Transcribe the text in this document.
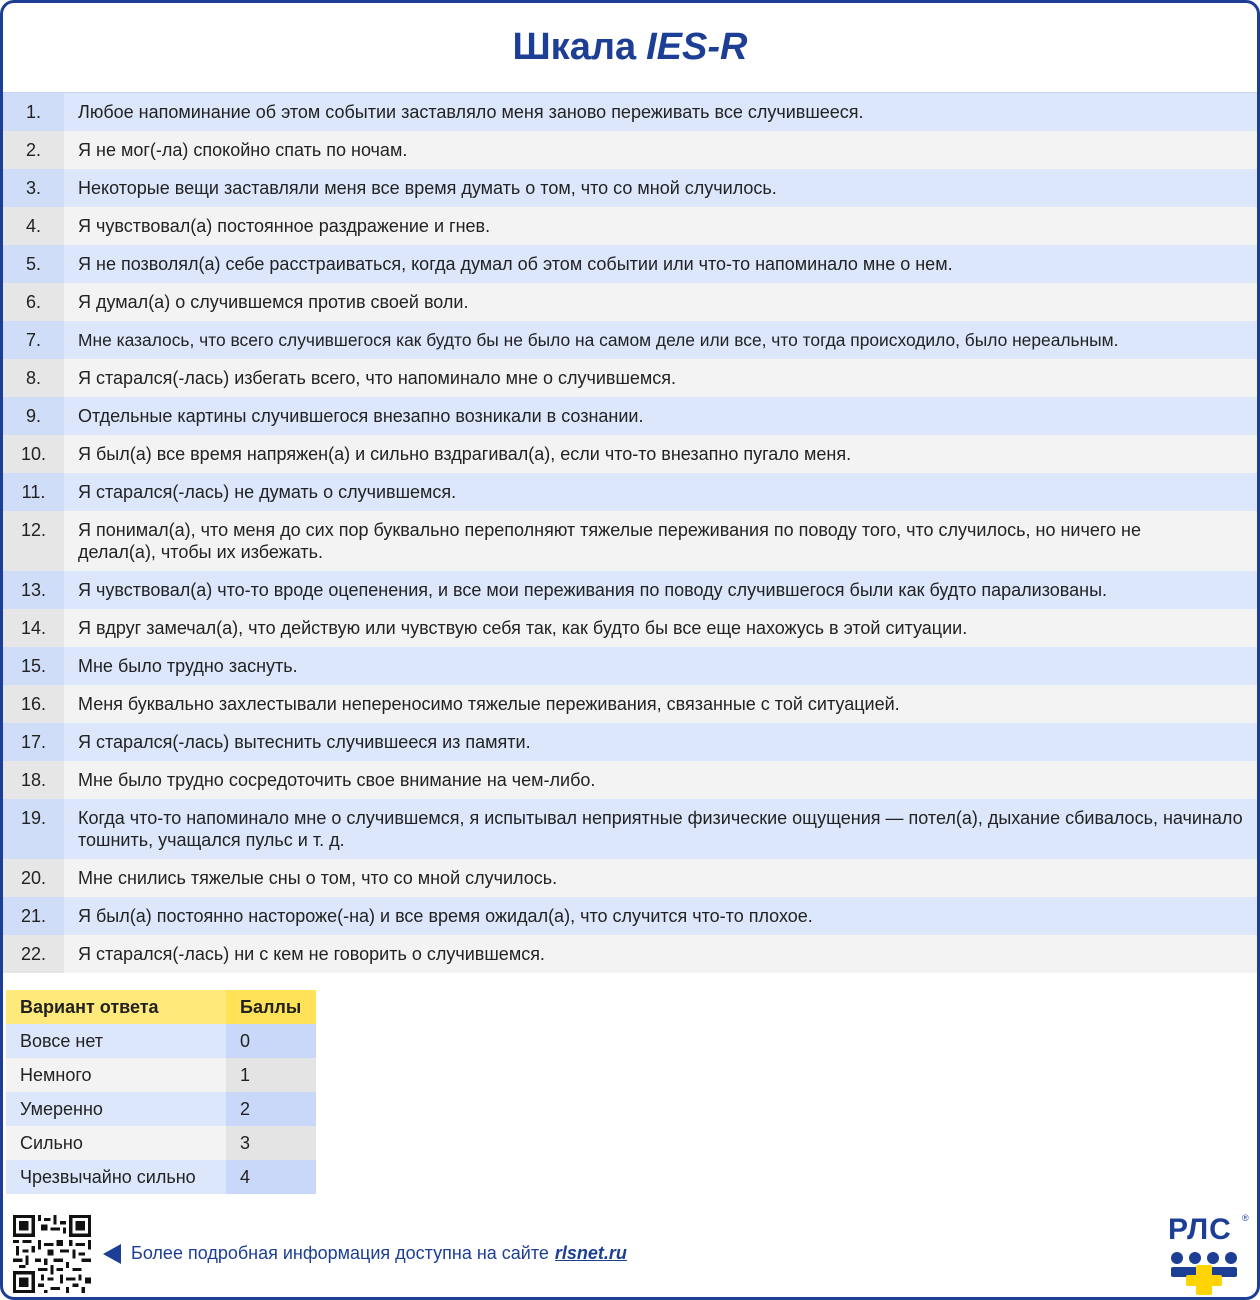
Шкала IES-R
1.	Любое напоминание об этом событии заставляло меня заново переживать все случившееся.
2.	Я не мог(-ла) спокойно спать по ночам.
3.	Некоторые вещи заставляли меня все время думать о том, что со мной случилось.
4.	Я чувствовал(а) постоянное раздражение и гнев.
5.	Я не позволял(а) себе расстраиваться, когда думал об этом событии или что-то напоминало мне о нем.
6.	Я думал(а) о случившемся против своей воли.
7.	Мне казалось, что всего случившегося как будто бы не было на самом деле или все, что тогда происходило, было нереальным.
8.	Я старался(-лась) избегать всего, что напоминало мне о случившемся.
9.	Отдельные картины случившегося внезапно возникали в сознании.
10.	Я был(а) все время напряжен(а) и сильно вздрагивал(а), если что-то внезапно пугало меня.
11.	Я старался(-лась) не думать о случившемся.
12.	Я понимал(а), что меня до сих пор буквально переполняют тяжелые переживания по поводу того, что случилось, но ничего не делал(а), чтобы их избежать.
13.	Я чувствовал(а) что-то вроде оцепенения, и все мои переживания по поводу случившегося были как будто парализованы.
14.	Я вдруг замечал(а), что действую или чувствую себя так, как будто бы все еще нахожусь в этой ситуации.
15.	Мне было трудно заснуть.
16.	Меня буквально захлестывали непереносимо тяжелые переживания, связанные с той ситуацией.
17.	Я старался(-лась) вытеснить случившееся из памяти.
18.	Мне было трудно сосредоточить свое внимание на чем-либо.
19.	Когда что-то напоминало мне о случившемся, я испытывал неприятные физические ощущения — потел(а), дыхание сбивалось, начинало тошнить, учащался пульс и т. д.
20.	Мне снились тяжелые сны о том, что со мной случилось.
21.	Я был(а) постоянно настороже(-на) и все время ожидал(а), что случится что-то плохое.
22.	Я старался(-лась) ни с кем не говорить о случившемся.
Вариант ответа	Баллы
Вовсе нет	0
Немного	1
Умеренно	2
Сильно	3
Чрезвычайно сильно	4
Более подробная информация доступна на сайте rlsnet.ru
РЛС ®
